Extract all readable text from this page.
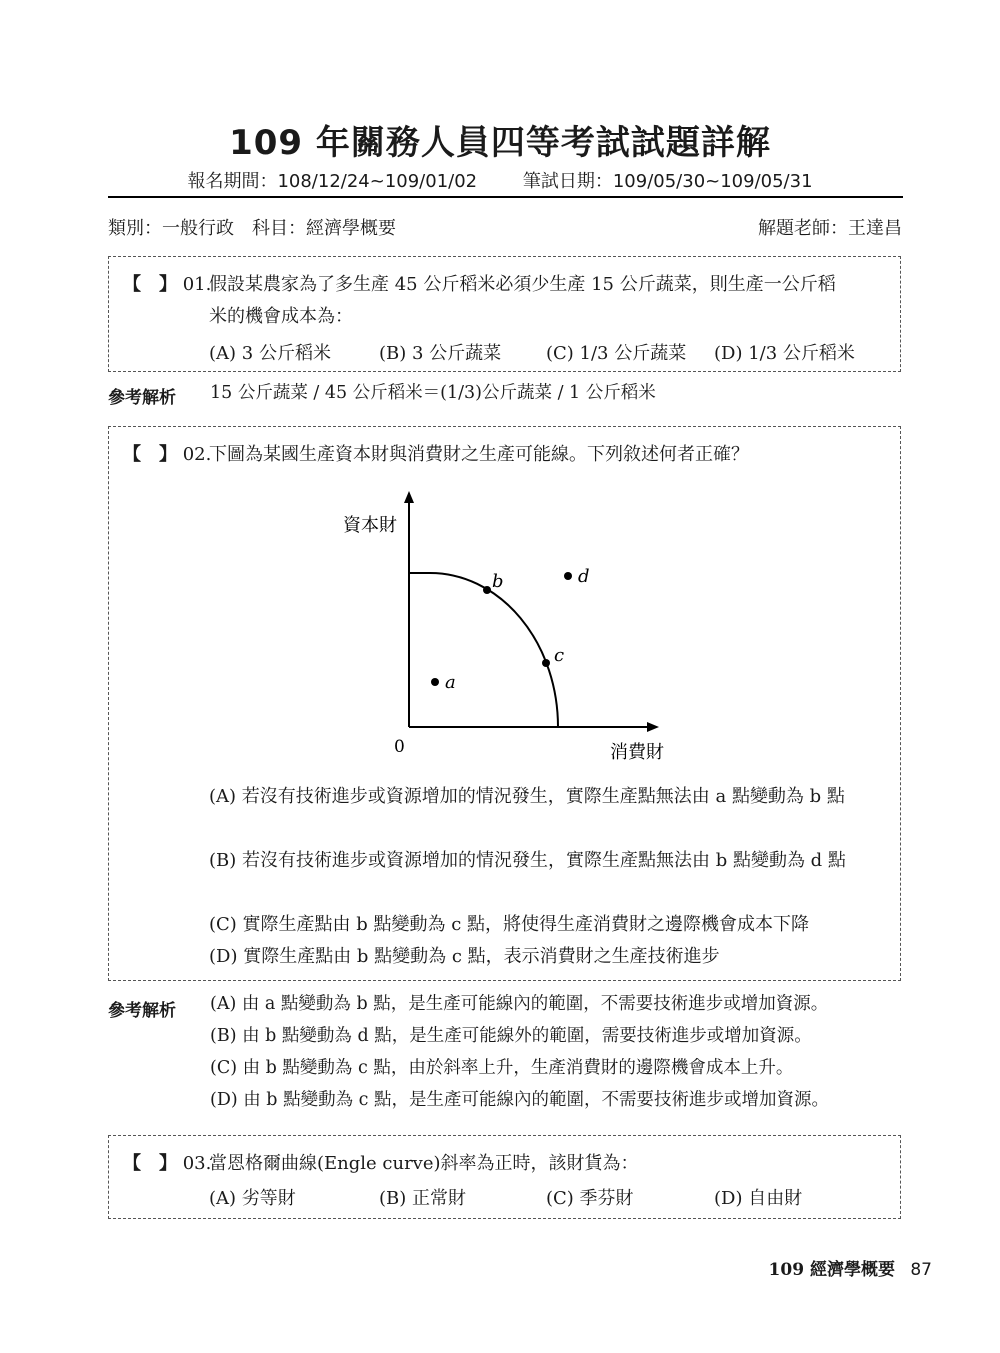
109 年關務人員四等考試試題詳解
報名期間：108/12/24~109/01/02	筆試日期：109/05/30~109/05/31
類別：一般行政　科目：經濟學概要	解題老師：王達昌
【　】 01.
假設某農家為了多生產 45 公斤稻米必須少生產 15 公斤蔬菜，則生產一公斤稻
米的機會成本為：
(A) 3 公斤稻米	(B) 3 公斤蔬菜 (C) 1/3 公斤蔬菜 (D) 1/3 公斤稻米
參考解析 15 公斤蔬菜 / 45 公斤稻米＝(1/3)公斤蔬菜 / 1 公斤稻米
【　】 02.
下圖為某國生產資本財與消費財之生產可能線。下列敘述何者正確？
資本財
消費財
0
b
c
a
d
(A) 若沒有技術進步或資源增加的情況發生，實際生產點無法由 a 點變動為 b 點
(B) 若沒有技術進步或資源增加的情況發生，實際生產點無法由 b 點變動為 d 點
(C) 實際生產點由 b 點變動為 c 點，將使得生產消費財之邊際機會成本下降
(D) 實際生產點由 b 點變動為 c 點，表示消費財之生產技術進步
參考解析 (A) 由 a 點變動為 b 點，是生產可能線內的範圍，不需要技術進步或增加資源。
(B) 由 b 點變動為 d 點，是生產可能線外的範圍，需要技術進步或增加資源。
(C) 由 b 點變動為 c 點，由於斜率上升，生產消費財的邊際機會成本上升。
(D) 由 b 點變動為 c 點，是生產可能線內的範圍，不需要技術進步或增加資源。
【　】 03.
當恩格爾曲線(Engle curve)斜率為正時，該財貨為：
(A) 劣等財	(B) 正常財	(C) 季芬財	(D) 自由財
109 經濟學概要 87
